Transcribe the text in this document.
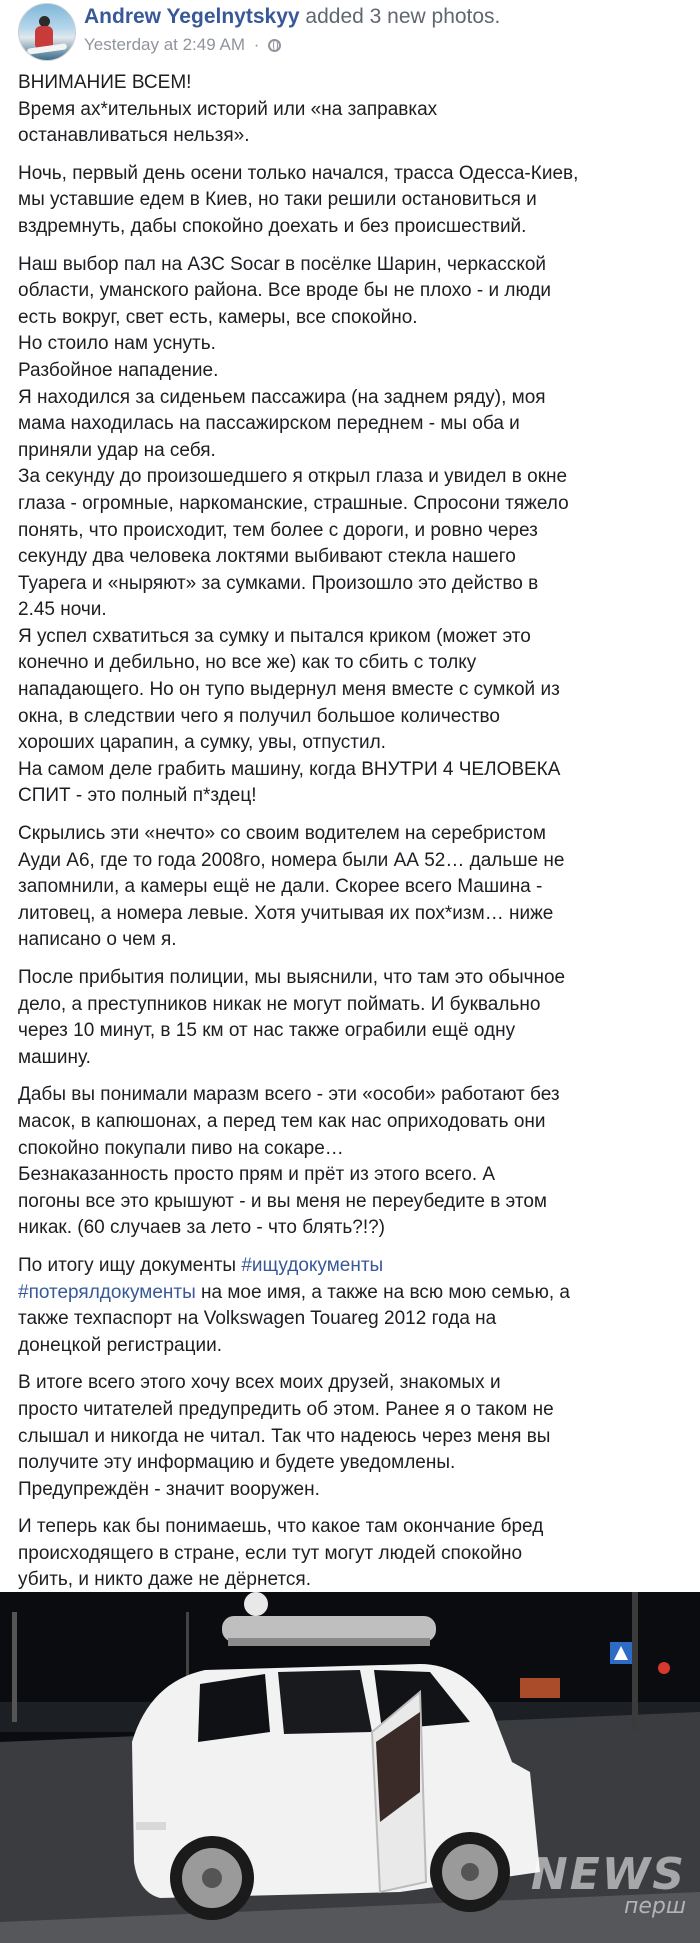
Andrew Yegelnytskyy added 3 new photos.
Yesterday at 2:49 AM ·

ВНИМАНИЕ ВСЕМ!
Время ах*ительных историй или «на заправках
останавливаться нельзя».

Ночь, первый день осени только начался, трасса Одесса-Киев,
мы уставшие едем в Киев, но таки решили остановиться и
вздремнуть, дабы спокойно доехать и без происшествий.

Наш выбор пал на АЗС Socar в посёлке Шарин, черкасской
области, уманского района. Все вроде бы не плохо - и люди
есть вокруг, свет есть, камеры, все спокойно.
Но стоило нам уснуть.
Разбойное нападение.
Я находился за сиденьем пассажира (на заднем ряду), моя
мама находилась на пассажирском переднем - мы оба и
приняли удар на себя.
За секунду до произошедшего я открыл глаза и увидел в окне
глаза - огромные, наркоманские, страшные. Спросони тяжело
понять, что происходит, тем более с дороги, и ровно через
секунду два человека локтями выбивают стекла нашего
Туарега и «ныряют» за сумками. Произошло это действо в
2.45 ночи.
Я успел схватиться за сумку и пытался криком (может это
конечно и дебильно, но все же) как то сбить с толку
нападающего. Но он тупо выдернул меня вместе с сумкой из
окна, в следствии чего я получил большое количество
хороших царапин, а сумку, увы, отпустил.
На самом деле грабить машину, когда ВНУТРИ 4 ЧЕЛОВЕКА
СПИТ - это полный п*здец!

Скрылись эти «нечто» со своим водителем на серебристом
Ауди А6, где то года 2008го, номера были АА 52… дальше не
запомнили, а камеры ещё не дали. Скорее всего Машина -
литовец, а номера левые. Хотя учитывая их пох*изм… ниже
написано о чем я.

После прибытия полиции, мы выяснили, что там это обычное
дело, а преступников никак не могут поймать. И буквально
через 10 минут, в 15 км от нас также ограбили ещё одну
машину.

Дабы вы понимали маразм всего - эти «особи» работают без
масок, в капюшонах, а перед тем как нас оприходовать они
спокойно покупали пиво на сокаре…
Безнаказанность просто прям и прёт из этого всего. А
погоны все это крышуют - и вы меня не переубедите в этом
никак. (60 случаев за лето - что блять?!?)

По итогу ищу документы #ищудокументы
#потерялдокументы на мое имя, а также на всю мою семью, а
также техпаспорт на Volkswagen Touareg 2012 года на
донецкой регистрации.

В итоге всего этого хочу всех моих друзей, знакомых и
просто читателей предупредить об этом. Ранее я о таком не
слышал и никогда не читал. Так что надеюсь через меня вы
получите эту информацию и будете уведомлены.
Предупреждён - значит вооружен.

И теперь как бы понимаешь, что какое там окончание бред
происходящего в стране, если тут могут людей спокойно
убить, и никто даже не дёрнется.

NEWS
перш
